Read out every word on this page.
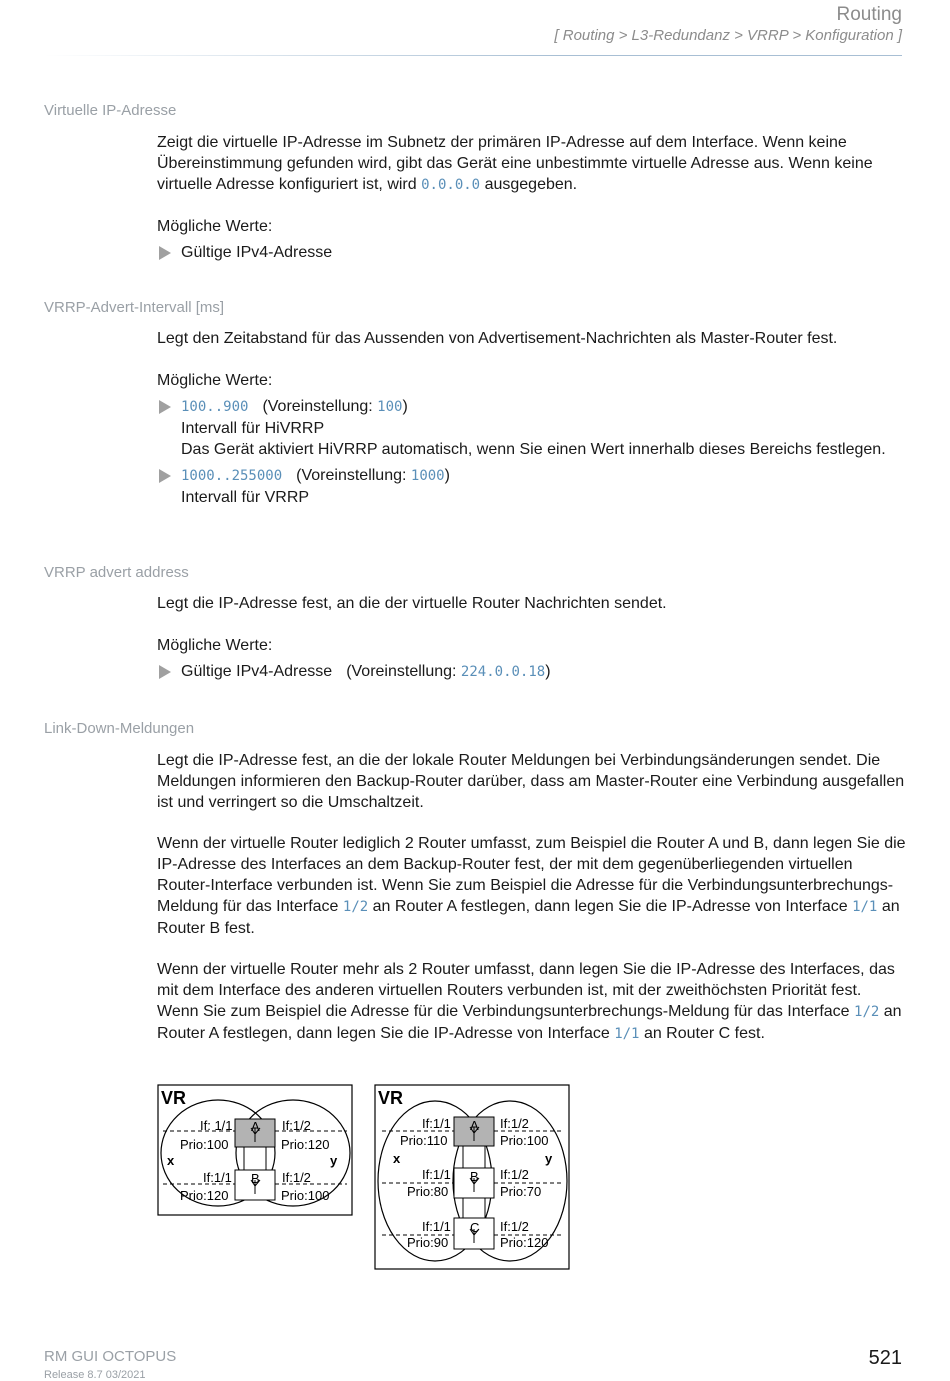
Routing
[ Routing > L3-Redundanz > VRRP > Konfiguration ]
Virtuelle IP-Adresse

Zeigt die virtuelle IP-Adresse im Subnetz der primären IP-Adresse auf dem Interface. Wenn keine Übereinstimmung gefunden wird, gibt das Gerät eine unbestimmte virtuelle Adresse aus. Wenn keine virtuelle Adresse konfiguriert ist, wird 0.0.0.0 ausgegeben.

Mögliche Werte:

Gültige IPv4-Adresse
VRRP-Advert-Intervall [ms]

Legt den Zeitabstand für das Aussenden von Advertisement-Nachrichten als Master-Router fest.

Mögliche Werte:

100..900 (Voreinstellung: 100)
Intervall für HiVRRP
Das Gerät aktiviert HiVRRP automatisch, wenn Sie einen Wert innerhalb dieses Bereichs festlegen.
1000..255000 (Voreinstellung: 1000)
Intervall für VRRP
VRRP advert address

Legt die IP-Adresse fest, an die der virtuelle Router Nachrichten sendet.

Mögliche Werte:

Gültige IPv4-Adresse (Voreinstellung: 224.0.0.18)
Link-Down-Meldungen

Legt die IP-Adresse fest, an die der lokale Router Meldungen bei Verbindungsänderungen sendet. Die Meldungen informieren den Backup-Router darüber, dass am Master-Router eine Verbindung ausgefallen ist und verringert so die Umschaltzeit.

Wenn der virtuelle Router lediglich 2 Router umfasst, zum Beispiel die Router A und B, dann legen Sie die IP-Adresse des Interfaces an dem Backup-Router fest, der mit dem gegenüberliegenden virtuellen Router-Interface verbunden ist. Wenn Sie zum Beispiel die Adresse für die Verbindungsunterbrechungs-Meldung für das Interface 1/2 an Router A festlegen, dann legen Sie die IP-Adresse von Interface 1/1 an Router B fest.

Wenn der virtuelle Router mehr als 2 Router umfasst, dann legen Sie die IP-Adresse des Interfaces, das mit dem Interface des anderen virtuellen Routers verbunden ist, mit der zweithöchsten Priorität fest. Wenn Sie zum Beispiel die Adresse für die Verbindungsunterbrechungs-Meldung für das Interface 1/2 an Router A festlegen, dann legen Sie die IP-Adresse von Interface 1/1 an Router C fest.

VR
A
B
If: 1/1
Prio:100
If:1/2
Prio:120
x	y
If:1/1
Prio:120
If:1/2
Prio:100
VR
A
B
C
If:1/1
Prio:110
If:1/2
Prio:100
x	y
If:1/1
Prio:80
If:1/2
Prio:70
If:1/1
Prio:90
If:1/2
Prio:120
RM GUI OCTOPUS
Release 8.7 03/2021
521
